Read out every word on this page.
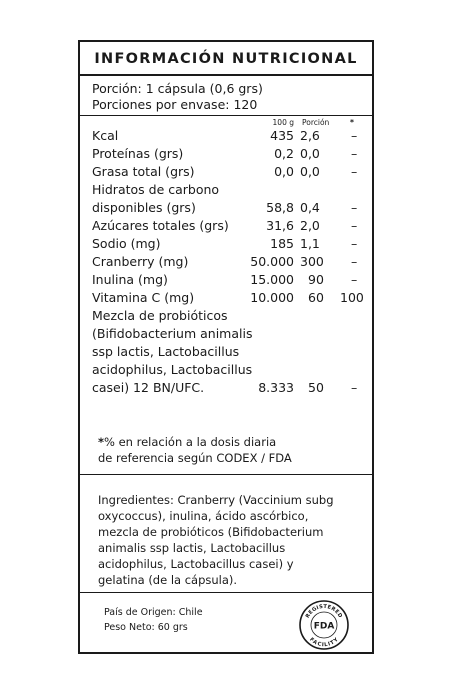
INFORMACIÓN NUTRICIONAL
Porción: 1 cápsula (0,6 grs)
Porciones por envase: 120
100 g Porción	*
Kcal	435 2,6 –
Proteínas (grs)	0,2 0,0 –
Grasa total (grs)	0,0 0,0 –
Hidratos de carbono
disponibles (grs)	58,8 0,4 –
Azúcares totales (grs)	31,6 2,0 –
Sodio (mg)	185 1,1 –
Cranberry (mg)	50.000 300 –
Inulina (mg)	15.000 90 –
Vitamina C (mg)	10.000 60 100
Mezcla de probióticos
(Bifidobacterium animalis
ssp lactis, Lactobacillus
acidophilus, Lactobacillus
casei) 12 BN/UFC.	8.333 50 –
*% en relación a la dosis diaria
de referencia según CODEX / FDA
Ingredientes: Cranberry (Vaccinium subg
oxycoccus), inulina, ácido ascórbico,
mezcla de probióticos (Bifidobacterium
animalis ssp lactis, Lactobacillus
acidophilus, Lactobacillus casei) y
gelatina (de la cápsula).
País de Origen: Chile
Peso Neto: 60 grs
REGISTERED
FACILITY
FDA
